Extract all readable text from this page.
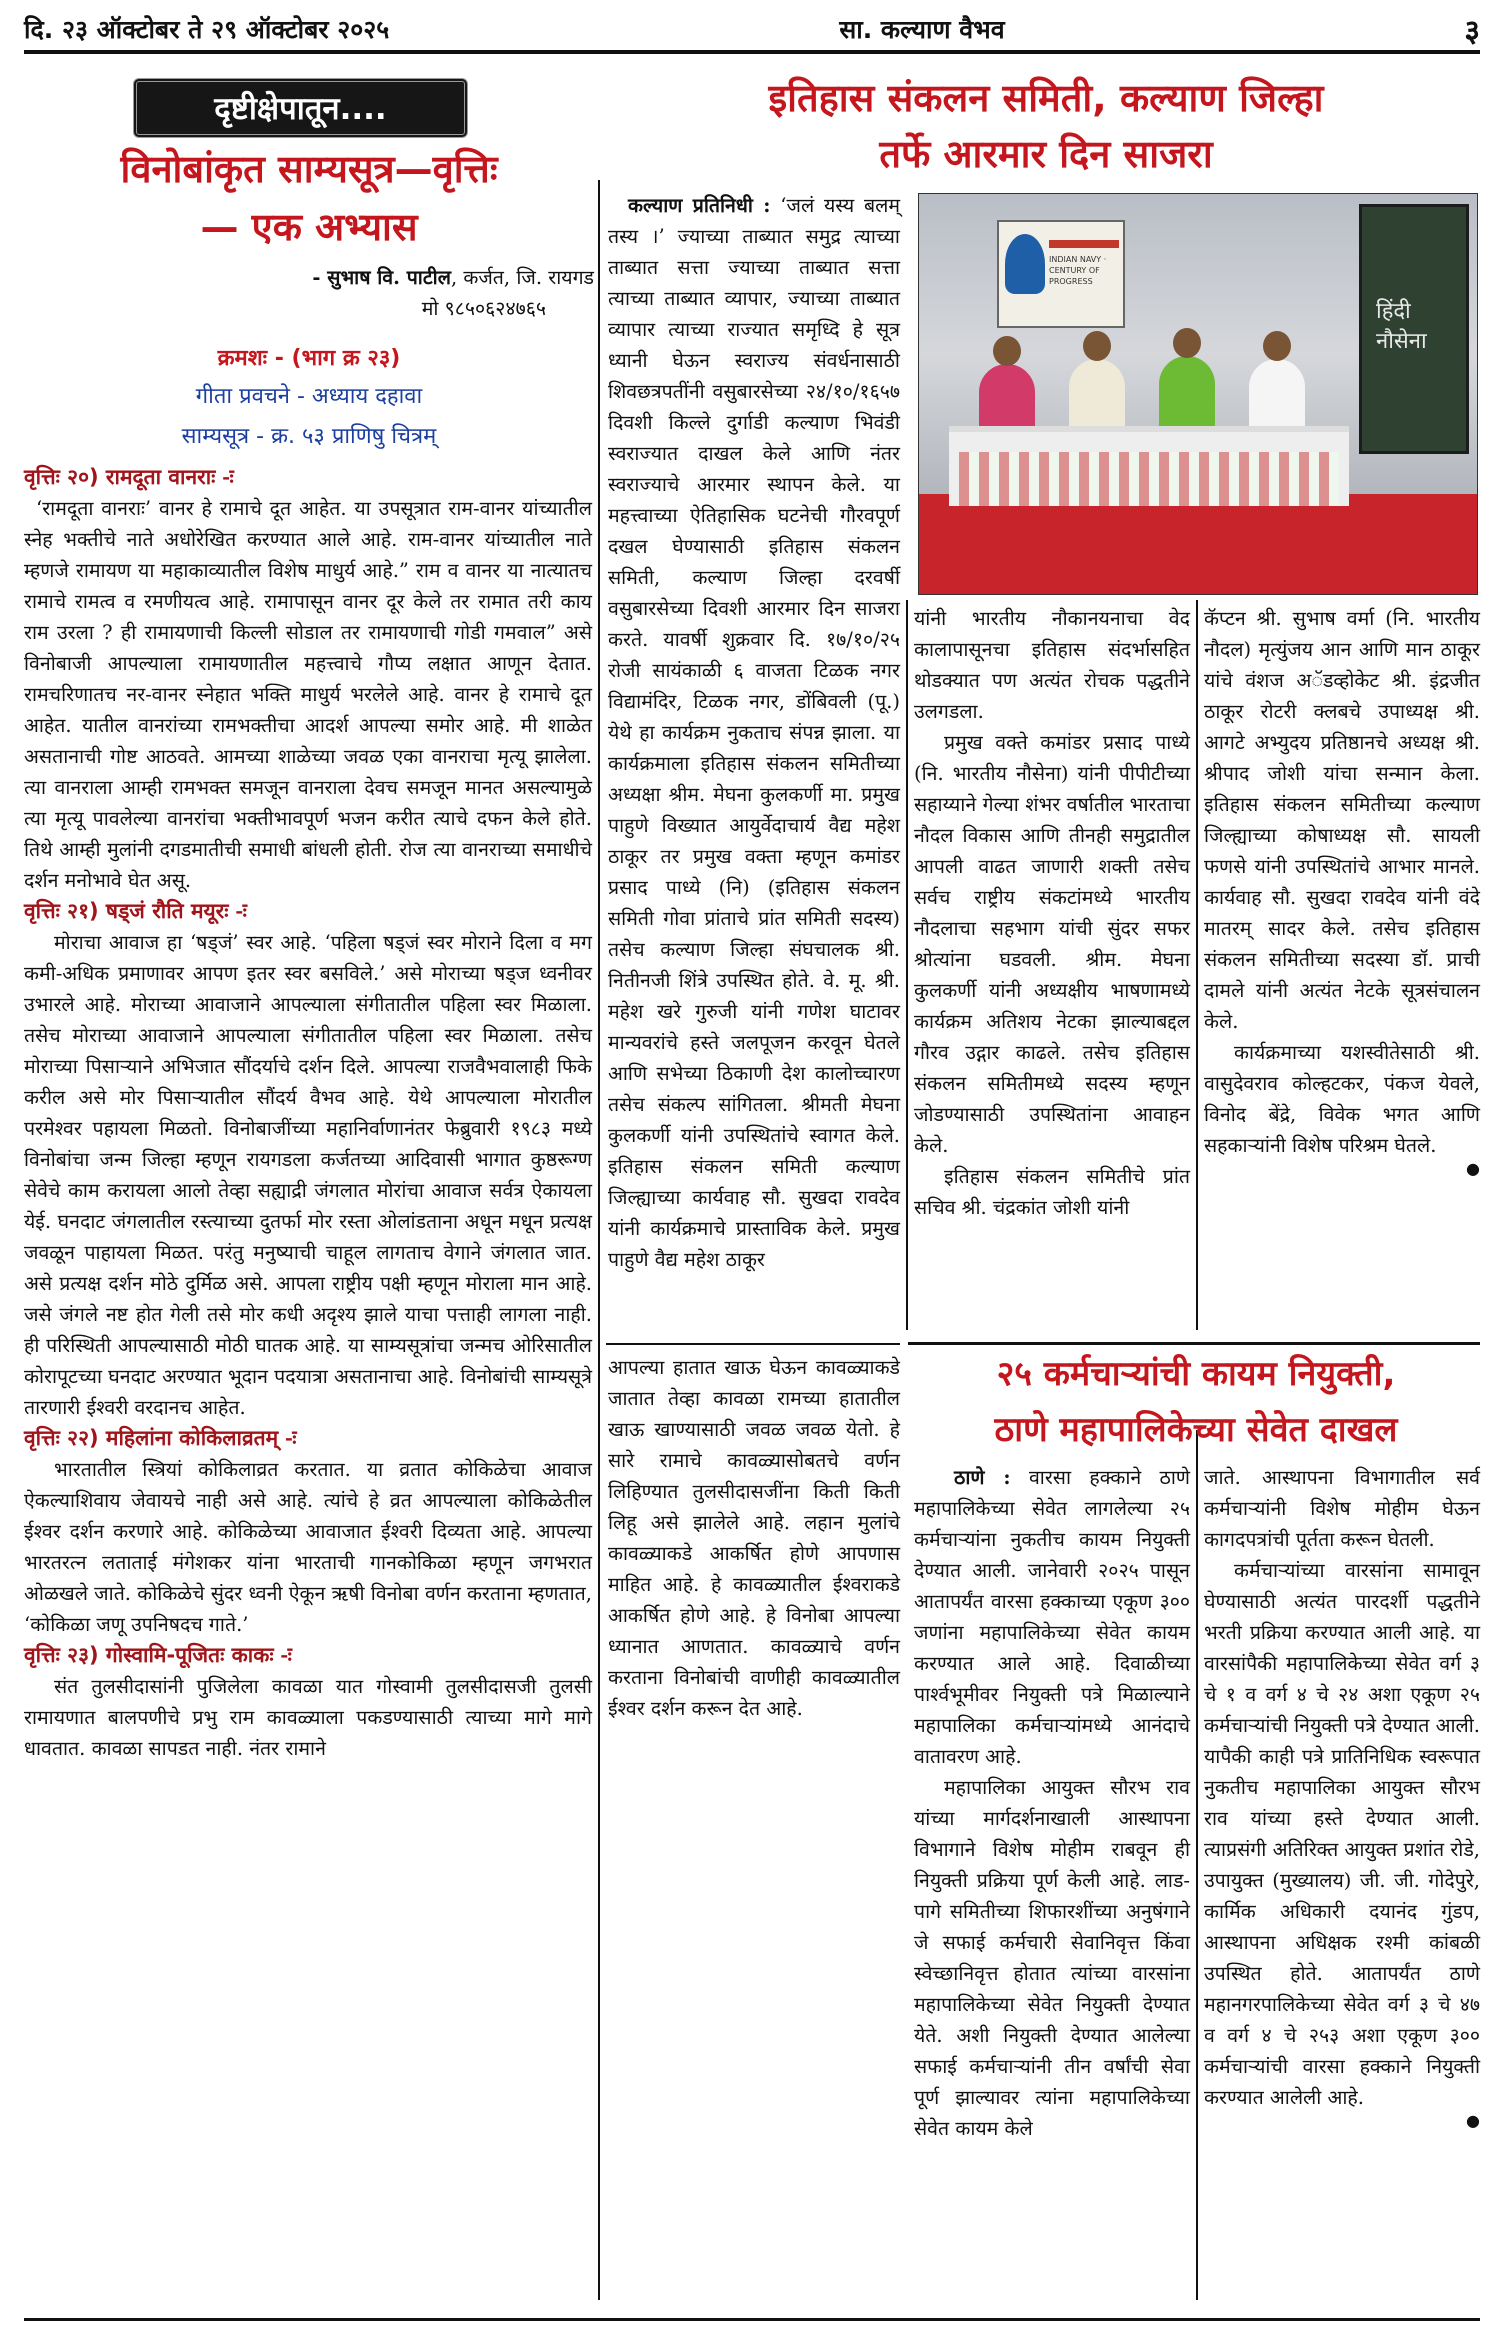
दि. २३ ऑक्टोबर ते २९ ऑक्टोबर २०२५	सा. कल्याण वैभव	३
दृष्टीक्षेपातून....
विनोबांकृत साम्यसूत्र—वृत्तिः
— एक अभ्यास
- सुभाष वि. पाटील, कर्जत, जि. रायगड
मो ९८५०६२४७६५
क्रमशः - (भाग क्र २३)
गीता प्रवचने - अध्याय दहावा
साम्यसूत्र - क्र. ५३ प्राणिषु चित्रम्
वृत्तिः २०) रामदूता वानराः -ः

‘रामदूता वानराः’ वानर हे रामाचे दूत आहेत. या उपसूत्रात राम-वानर यांच्यातील स्नेह भक्तीचे नाते अधोरेखित करण्यात आले आहे. राम-वानर यांच्यातील नाते म्हणजे रामायण या महाकाव्यातील विशेष माधुर्य आहे.” राम व वानर या नात्यातच रामाचे रामत्व व रमणीयत्व आहे. रामापासून वानर दूर केले तर रामात तरी काय राम उरला ? ही रामायणाची किल्ली सोडाल तर रामायणाची गोडी गमवाल” असे विनोबाजी आपल्याला रामायणातील महत्त्वाचे गौप्य लक्षात आणून देतात. रामचरिणातच नर-वानर स्नेहात भक्ति माधुर्य भरलेले आहे. वानर हे रामाचे दूत आहेत. यातील वानरांच्या रामभक्तीचा आदर्श आपल्या समोर आहे. मी शाळेत असतानाची गोष्ट आठवते. आमच्या शाळेच्या जवळ एका वानराचा मृत्यू झालेला. त्या वानराला आम्ही रामभक्त समजून वानराला देवच समजून मानत असल्यामुळे त्या मृत्यू पावलेल्या वानरांचा भक्तीभावपूर्ण भजन करीत त्याचे दफन केले होते. तिथे आम्ही मुलांनी दगडमातीची समाधी बांधली होती. रोज त्या वानराच्या समाधीचे दर्शन मनोभावे घेत असू.

वृत्तिः २१) षड्जं रौति मयूरः -ः

मोराचा आवाज हा ‘षड्जं’ स्वर आहे. ‘पहिला षड्जं स्वर मोराने दिला व मग कमी-अधिक प्रमाणावर आपण इतर स्वर बसविले.’ असे मोराच्या षड्ज ध्वनीवर उभारले आहे. मोराच्या आवाजाने आपल्याला संगीतातील पहिला स्वर मिळाला. तसेच मोराच्या आवाजाने आपल्याला संगीतातील पहिला स्वर मिळाला. तसेच मोराच्या पिसाऱ्याने अभिजात सौंदर्याचे दर्शन दिले. आपल्या राजवैभवालाही फिके करील असे मोर पिसाऱ्यातील सौंदर्य वैभव आहे. येथे आपल्याला मोरातील परमेश्वर पहायला मिळतो. विनोबाजींच्या महानिर्वाणानंतर फेब्रुवारी १९८३ मध्ये विनोबांचा जन्म जिल्हा म्हणून रायगडला कर्जतच्या आदिवासी भागात कुष्ठरूग्ण सेवेचे काम करायला आलो तेव्हा सह्याद्री जंगलात मोरांचा आवाज सर्वत्र ऐकायला येई. घनदाट जंगलातील रस्त्याच्या दुतर्फा मोर रस्ता ओलांडताना अधून मधून प्रत्यक्ष जवळून पाहायला मिळत. परंतु मनुष्याची चाहूल लागताच वेगाने जंगलात जात. असे प्रत्यक्ष दर्शन मोठे दुर्मिळ असे. आपला राष्ट्रीय पक्षी म्हणून मोराला मान आहे. जसे जंगले नष्ट होत गेली तसे मोर कधी अदृश्य झाले याचा पत्ताही लागला नाही. ही परिस्थिती आपल्यासाठी मोठी घातक आहे. या साम्यसूत्रांचा जन्मच ओरिसातील कोरापूटच्या घनदाट अरण्यात भूदान पदयात्रा असतानाचा आहे. विनोबांची साम्यसूत्रे तारणारी ईश्वरी वरदानच आहेत.

वृत्तिः २२) महिलांना कोकिलाव्रतम् -ः

भारतातील स्त्रियां कोकिलाव्रत करतात. या व्रतात कोकिळेचा आवाज ऐकल्याशिवाय जेवायचे नाही असे आहे. त्यांचे हे व्रत आपल्याला कोकिळेतील ईश्वर दर्शन करणारे आहे. कोकिळेच्या आवाजात ईश्वरी दिव्यता आहे. आपल्या भारतरत्न लताताई मंगेशकर यांना भारताची गानकोकिळा म्हणून जगभरात ओळखले जाते. कोकिळेचे सुंदर ध्वनी ऐकून ऋषी विनोबा वर्णन करताना म्हणतात, ‘कोकिळा जणू उपनिषदच गाते.’

वृत्तिः २३) गोस्वामि-पूजितः काकः -ः

संत तुलसीदासांनी पुजिलेला कावळा यात गोस्वामी तुलसीदासजी तुलसी रामायणात बालपणीचे प्रभु राम कावळ्याला पकडण्यासाठी त्याच्या मागे मागे धावतात. कावळा सापडत नाही. नंतर रामाने

आपल्या हातात खाऊ घेऊन कावळ्याकडे जातात तेव्हा कावळा रामच्या हातातील खाऊ खाण्यासाठी जवळ जवळ येतो. हे सारे रामाचे कावळ्यासोबतचे वर्णन लिहिण्यात तुलसीदासजींना किती किती लिहू असे झालेले आहे. लहान मुलांचे कावळ्याकडे आकर्षित होणे आपणास माहित आहे. हे कावळ्यातील ईश्वराकडे आकर्षित होणे आहे. हे विनोबा आपल्या ध्यानात आणतात. कावळ्याचे वर्णन करताना विनोबांची वाणीही कावळ्यातील ईश्वर दर्शन करून देत आहे.

इतिहास संकलन समिती, कल्याण जिल्हा
तर्फे आरमार दिन साजरा

कल्याण प्रतिनिधी : ‘जलं यस्य बलम् तस्य ।’ ज्याच्या ताब्यात समुद्र त्याच्या ताब्यात सत्ता ज्याच्या ताब्यात सत्ता त्याच्या ताब्यात व्यापार, ज्याच्या ताब्यात व्यापार त्याच्या राज्यात समृध्दि हे सूत्र ध्यानी घेऊन स्वराज्य संवर्धनासाठी शिवछत्रपतींनी वसुबारसेच्या २४/१०/१६५७ दिवशी किल्ले दुर्गाडी कल्याण भिवंडी स्वराज्यात दाखल केले आणि नंतर स्वराज्याचे आरमार स्थापन केले. या महत्त्वाच्या ऐतिहासिक घटनेची गौरवपूर्ण दखल घेण्यासाठी इतिहास संकलन समिती, कल्याण जिल्हा दरवर्षी वसुबारसेच्या दिवशी आरमार दिन साजरा करते. यावर्षी शुक्रवार दि. १७/१०/२५ रोजी सायंकाळी ६ वाजता टिळक नगर विद्यामंदिर, टिळक नगर, डोंबिवली (पू.) येथे हा कार्यक्रम नुकताच संपन्न झाला. या कार्यक्रमाला इतिहास संकलन समितीच्या अध्यक्षा श्रीम. मेघना कुलकर्णी मा. प्रमुख पाहुणे विख्यात आयुर्वेदाचार्य वैद्य महेश ठाकूर तर प्रमुख वक्ता म्हणून कमांडर प्रसाद पाध्ये (नि) (इतिहास संकलन समिती गोवा प्रांताचे प्रांत समिती सदस्य) तसेच कल्याण जिल्हा संघचालक श्री. नितीनजी शिंत्रे उपस्थित होते. वे. मू. श्री. महेश खरे गुरुजी यांनी गणेश घाटावर मान्यवरांचे हस्ते जलपूजन करवून घेतले आणि सभेच्या ठिकाणी देश कालोच्चारण तसेच संकल्प सांगितला. श्रीमती मेघना कुलकर्णी यांनी उपस्थितांचे स्वागत केले. इतिहास संकलन समिती कल्याण जिल्ह्याच्या कार्यवाह सौ. सुखदा रावदेव यांनी कार्यक्रमाचे प्रास्ताविक केले. प्रमुख पाहुणे वैद्य महेश ठाकूर

INDIAN NAVY · CENTURY OF PROGRESS
हिंदी नौसेना

यांनी भारतीय नौकानयनाचा वेद कालापासूनचा इतिहास संदर्भासहित थोडक्यात पण अत्यंत रोचक पद्धतीने उलगडला.

प्रमुख वक्ते कमांडर प्रसाद पाध्ये (नि. भारतीय नौसेना) यांनी पीपीटीच्या सहाय्याने गेल्या शंभर वर्षातील भारताचा नौदल विकास आणि तीनही समुद्रातील आपली वाढत जाणारी शक्ती तसेच सर्वच राष्ट्रीय संकटांमध्ये भारतीय नौदलाचा सहभाग यांची सुंदर सफर श्रोत्यांना घडवली. श्रीम. मेघना कुलकर्णी यांनी अध्यक्षीय भाषणामध्ये कार्यक्रम अतिशय नेटका झाल्याबद्दल गौरव उद्गार काढले. तसेच इतिहास संकलन समितीमध्ये सदस्य म्हणून जोडण्यासाठी उपस्थितांना आवाहन केले.

इतिहास संकलन समितीचे प्रांत सचिव श्री. चंद्रकांत जोशी यांनी

कॅप्टन श्री. सुभाष वर्मा (नि. भारतीय नौदल) मृत्युंजय आन आणि मान ठाकूर यांचे वंशज अॅडव्होकेट श्री. इंद्रजीत ठाकूर रोटरी क्लबचे उपाध्यक्ष श्री. आगटे अभ्युदय प्रतिष्ठानचे अध्यक्ष श्री. श्रीपाद जोशी यांचा सन्मान केला. इतिहास संकलन समितीच्या कल्याण जिल्ह्याच्या कोषाध्यक्ष सौ. सायली फणसे यांनी उपस्थितांचे आभार मानले. कार्यवाह सौ. सुखदा रावदेव यांनी वंदे मातरम् सादर केले. तसेच इतिहास संकलन समितीच्या सदस्या डॉ. प्राची दामले यांनी अत्यंत नेटके सूत्रसंचालन केले.

कार्यक्रमाच्या यशस्वीतेसाठी श्री. वासुदेवराव कोल्हटकर, पंकज येवले, विनोद बेंद्रे, विवेक भगत आणि सहकाऱ्यांनी विशेष परिश्रम घेतले.

●
२५ कर्मचाऱ्यांची कायम नियुक्ती,
ठाणे महापालिकेच्या सेवेत दाखल

ठाणे : वारसा हक्काने ठाणे महापालिकेच्या सेवेत लागलेल्या २५ कर्मचाऱ्यांना नुकतीच कायम नियुक्ती देण्यात आली. जानेवारी २०२५ पासून आतापर्यंत वारसा हक्काच्या एकूण ३०० जणांना महापालिकेच्या सेवेत कायम करण्यात आले आहे. दिवाळीच्या पार्श्वभूमीवर नियुक्ती पत्रे मिळाल्याने महापालिका कर्मचाऱ्यांमध्ये आनंदाचे वातावरण आहे.

महापालिका आयुक्त सौरभ राव यांच्या मार्गदर्शनाखाली आस्थापना विभागाने विशेष मोहीम राबवून ही नियुक्ती प्रक्रिया पूर्ण केली आहे. लाड-पागे समितीच्या शिफारशींच्या अनुषंगाने जे सफाई कर्मचारी सेवानिवृत्त किंवा स्वेच्छानिवृत्त होतात त्यांच्या वारसांना महापालिकेच्या सेवेत नियुक्ती देण्यात येते. अशी नियुक्ती देण्यात आलेल्या सफाई कर्मचाऱ्यांनी तीन वर्षांची सेवा पूर्ण झाल्यावर त्यांना महापालिकेच्या सेवेत कायम केले

जाते. आस्थापना विभागातील सर्व कर्मचाऱ्यांनी विशेष मोहीम घेऊन कागदपत्रांची पूर्तता करून घेतली.

कर्मचाऱ्यांच्या वारसांना सामावून घेण्यासाठी अत्यंत पारदर्शी पद्धतीने भरती प्रक्रिया करण्यात आली आहे. या वारसांपैकी महापालिकेच्या सेवेत वर्ग ३ चे १ व वर्ग ४ चे २४ अशा एकूण २५ कर्मचाऱ्यांची नियुक्ती पत्रे देण्यात आली. यापैकी काही पत्रे प्रातिनिधिक स्वरूपात नुकतीच महापालिका आयुक्त सौरभ राव यांच्या हस्ते देण्यात आली. त्याप्रसंगी अतिरिक्त आयुक्त प्रशांत रोडे, उपायुक्त (मुख्यालय) जी. जी. गोदेपुरे, कार्मिक अधिकारी दयानंद गुंडप, आस्थापना अधिक्षक रश्मी कांबळी उपस्थित होते. आतापर्यंत ठाणे महानगरपालिकेच्या सेवेत वर्ग ३ चे ४७ व वर्ग ४ चे २५३ अशा एकूण ३०० कर्मचाऱ्यांची वारसा हक्काने नियुक्ती करण्यात आलेली आहे.

●
